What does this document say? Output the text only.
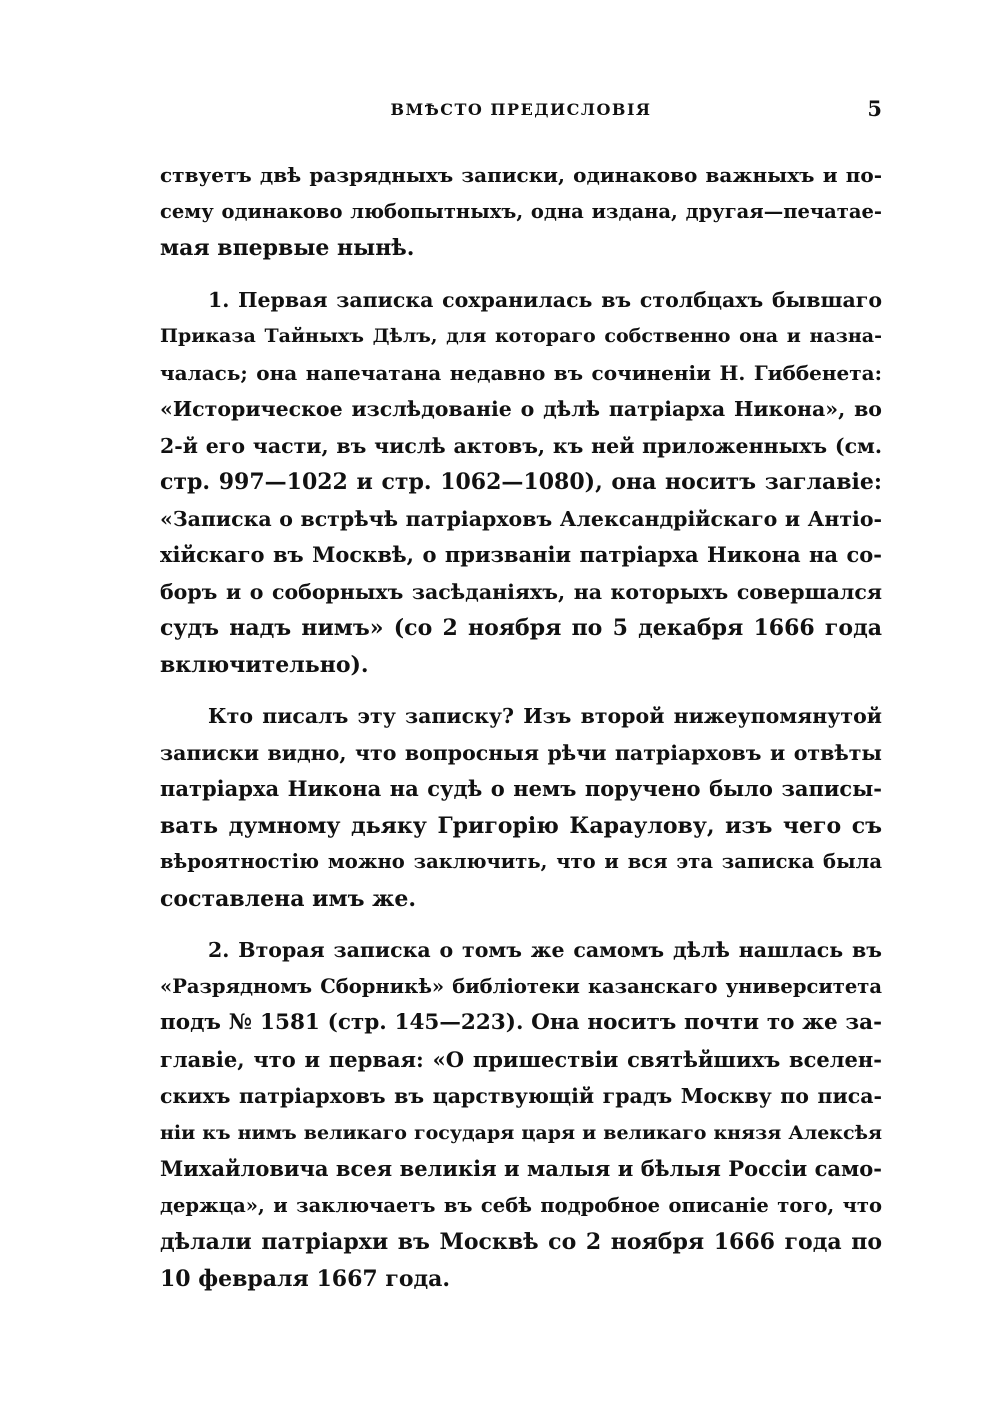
ВМѢСТО ПРЕДИСЛОВІЯ	5
ствуетъ двѣ разрядныхъ записки, одинаково важныхъ и по-
сему одинаково любопытныхъ, одна издана, другая—печатае-
мая впервые нынѣ.
1. Первая записка сохранилась въ столбцахъ бывшаго
Приказа Тайныхъ Дѣлъ, для котораго собственно она и назна-
чалась; она напечатана недавно въ сочиненіи Н. Гиббенета:
«Историческое изслѣдованіе о дѣлѣ патріарха Никона», во
2-й его части, въ числѣ актовъ, къ ней приложенныхъ (см.
стр. 997—1022 и стр. 1062—1080), она носитъ заглавіе:
«Записка о встрѣчѣ патріарховъ Александрійскаго и Антіо-
хійскаго въ Москвѣ, о призваніи патріарха Никона на со-
боръ и о соборныхъ засѣданіяхъ, на которыхъ совершался
судъ надъ нимъ» (со 2 ноября по 5 декабря 1666 года
включительно).
Кто писалъ эту записку? Изъ второй нижеупомянутой
записки видно, что вопросныя рѣчи патріарховъ и отвѣты
патріарха Никона на судѣ о немъ поручено было записы-
вать думному дьяку Григорію Караулову, изъ чего съ
вѣроятностію можно заключить, что и вся эта записка была
составлена имъ же.
2. Вторая записка о томъ же самомъ дѣлѣ нашлась въ
«Разрядномъ Сборникѣ» библіотеки казанскаго университета
подъ № 1581 (стр. 145—223). Она носитъ почти то же за-
главіе, что и первая: «О пришествіи святѣйшихъ вселен-
скихъ патріарховъ въ царствующій градъ Москву по писа-
ніи къ нимъ великаго государя царя и великаго князя Алексѣя
Михайловича всея великія и малыя и бѣлыя Россіи само-
держца», и заключаетъ въ себѣ подробное описаніе того, что
дѣлали патріархи въ Москвѣ со 2 ноября 1666 года по
10 февраля 1667 года.
